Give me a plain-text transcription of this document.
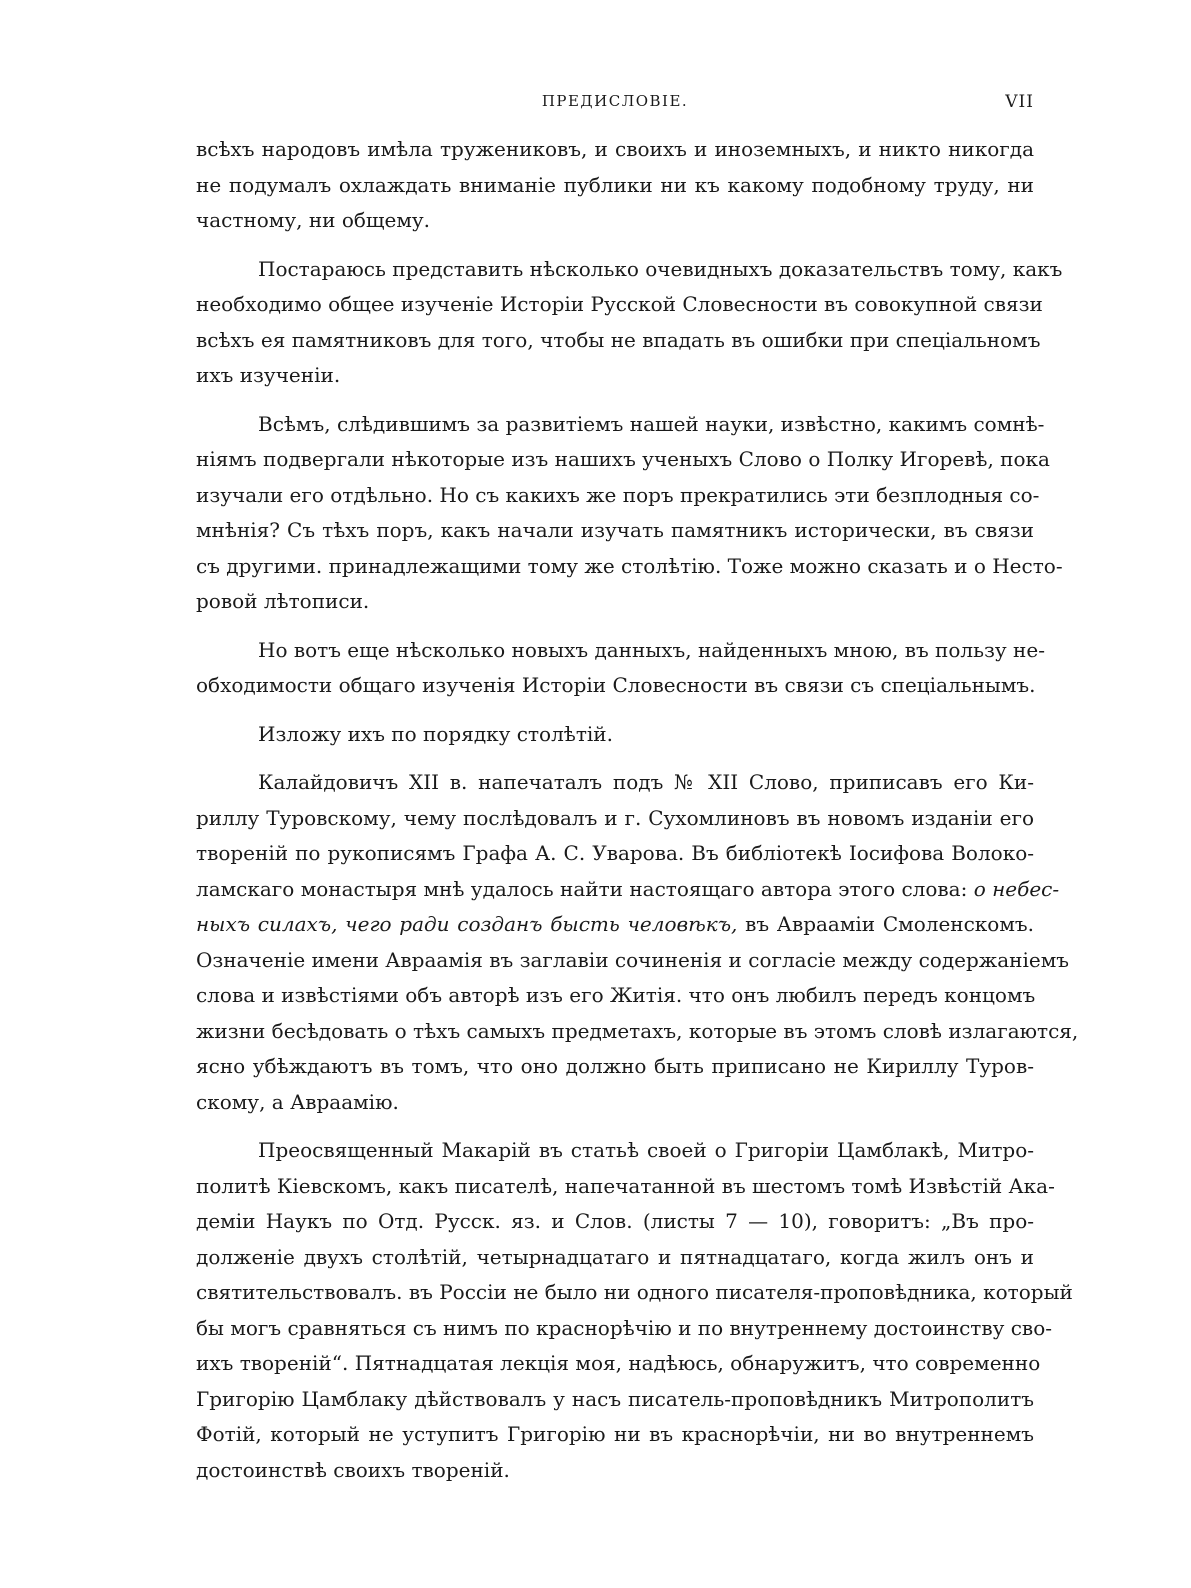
ПРЕДИСЛОВІЕ.	VII
всѣхъ народовъ имѣла тружениковъ, и своихъ и иноземныхъ, и никто никогда
не подумалъ охлаждать вниманіе публики ни къ какому подобному труду, ни
частному, ни общему.
Постараюсь представить нѣсколько очевидныхъ доказательствъ тому, какъ
необходимо общее изученіе Исторіи Русской Словесности въ совокупной связи
всѣхъ ея памятниковъ для того, чтобы не впадать въ ошибки при спеціальномъ
ихъ изученіи.
Всѣмъ, слѣдившимъ за развитіемъ нашей науки, извѣстно, какимъ сомнѣ-
ніямъ подвергали нѣкоторые изъ нашихъ ученыхъ Слово о Полку Игоревѣ, пока
изучали его отдѣльно. Но съ какихъ же поръ прекратились эти безплодныя со-
мнѣнія? Съ тѣхъ поръ, какъ начали изучать памятникъ исторически, въ связи
съ другими. принадлежащими тому же столѣтію. Тоже можно сказать и о Несто-
ровой лѣтописи.
Но вотъ еще нѣсколько новыхъ данныхъ, найденныхъ мною, въ пользу не-
обходимости общаго изученія Исторіи Словесности въ связи съ спеціальнымъ.
Изложу ихъ по порядку столѣтій.
Калайдовичъ XII в. напечаталъ подъ № XII Слово, приписавъ его Ки-
риллу Туровскому, чему послѣдовалъ и г. Сухомлиновъ въ новомъ изданіи его
твореній по рукописямъ Графа А. С. Уварова. Въ библіотекѣ Іосифова Волоко-
ламскаго монастыря мнѣ удалось найти настоящаго автора этого слова: о небес-
ныхъ силахъ, чего ради созданъ бысть человѣкъ, въ Авраамiи Смоленскомъ.
Означеніе имени Авраамія въ заглавіи сочиненія и согласіе между содержаніемъ
слова и извѣстіями объ авторѣ изъ его Житія. что онъ любилъ передъ концомъ
жизни бесѣдовать о тѣхъ самыхъ предметахъ, которые въ этомъ словѣ излагаются,
ясно убѣждаютъ въ томъ, что оно должно быть приписано не Кириллу Туров-
скому, а Авраамію.
Преосвященный Макарій въ статьѣ своей о Григоріи Цамблакѣ, Митро-
политѣ Кіевскомъ, какъ писателѣ, напечатанной въ шестомъ томѣ Извѣстій Ака-
деміи Наукъ по Отд. Русск. яз. и Слов. (листы 7 — 10), говоритъ: „Въ про-
долженіе двухъ столѣтій, четырнадцатаго и пятнадцатаго, когда жилъ онъ и
святительствовалъ. въ Россіи не было ни одного писателя-проповѣдника, который
бы могъ сравняться съ нимъ по краснорѣчію и по внутреннему достоинству сво-
ихъ твореній“. Пятнадцатая лекція моя, надѣюсь, обнаружитъ, что современно
Григорію Цамблаку дѣйствовалъ у насъ писатель-проповѣдникъ Митрополитъ
Фотій, который не уступитъ Григорію ни въ краснорѣчіи, ни во внутреннемъ
достоинствѣ своихъ твореній.
